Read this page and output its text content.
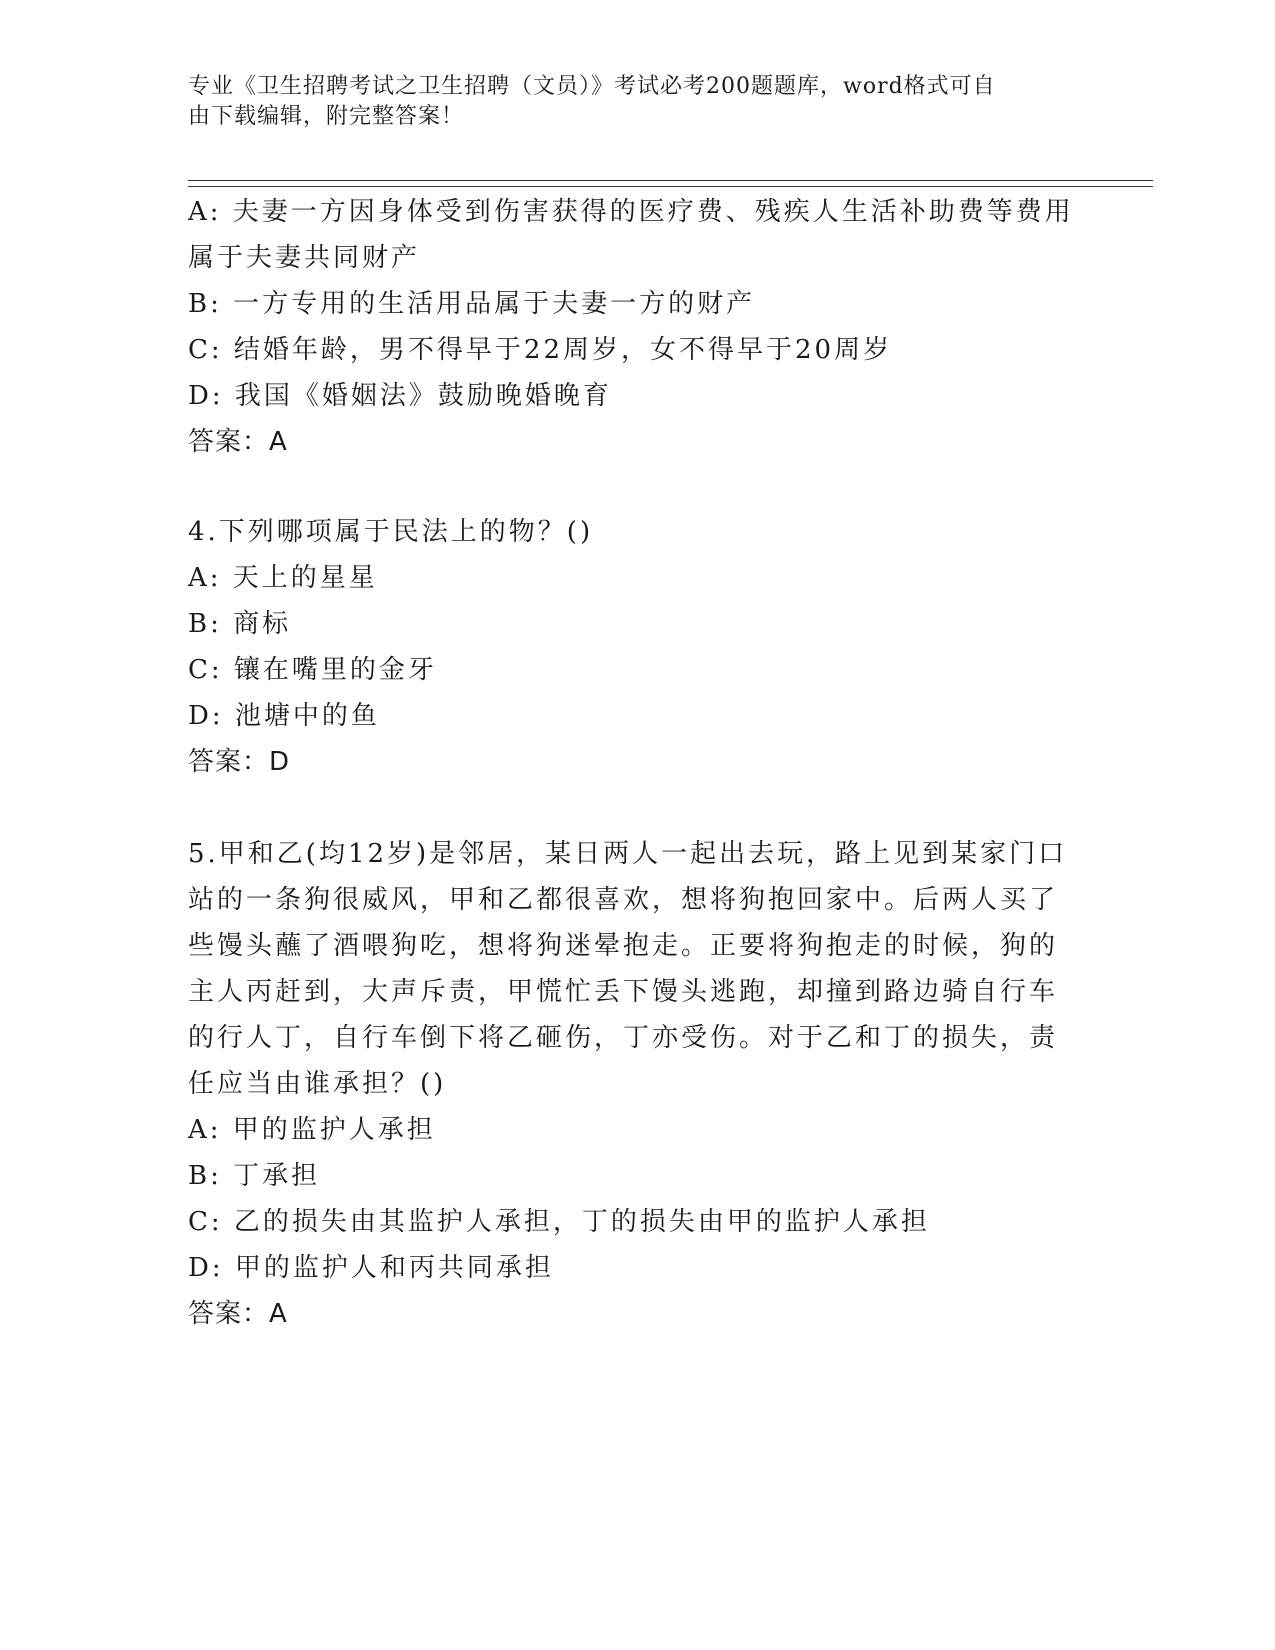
专业《卫生招聘考试之卫生招聘（文员）》考试必考200题题库，word格式可自
由下载编辑，附完整答案！
A: 夫妻一方因身体受到伤害获得的医疗费、残疾人生活补助费等费用
属于夫妻共同财产
B: 一方专用的生活用品属于夫妻一方的财产
C: 结婚年龄，男不得早于22周岁，女不得早于20周岁
D: 我国《婚姻法》鼓励晚婚晚育
答案：A
4.下列哪项属于民法上的物？()
A: 天上的星星
B: 商标
C: 镶在嘴里的金牙
D: 池塘中的鱼
答案：D
5.甲和乙(均12岁)是邻居，某日两人一起出去玩，路上见到某家门口
站的一条狗很威风，甲和乙都很喜欢，想将狗抱回家中。后两人买了
些馒头蘸了酒喂狗吃，想将狗迷晕抱走。正要将狗抱走的时候，狗的
主人丙赶到，大声斥责，甲慌忙丢下馒头逃跑，却撞到路边骑自行车
的行人丁，自行车倒下将乙砸伤，丁亦受伤。对于乙和丁的损失，责
任应当由谁承担？()
A: 甲的监护人承担
B: 丁承担
C: 乙的损失由其监护人承担，丁的损失由甲的监护人承担
D: 甲的监护人和丙共同承担
答案：A
